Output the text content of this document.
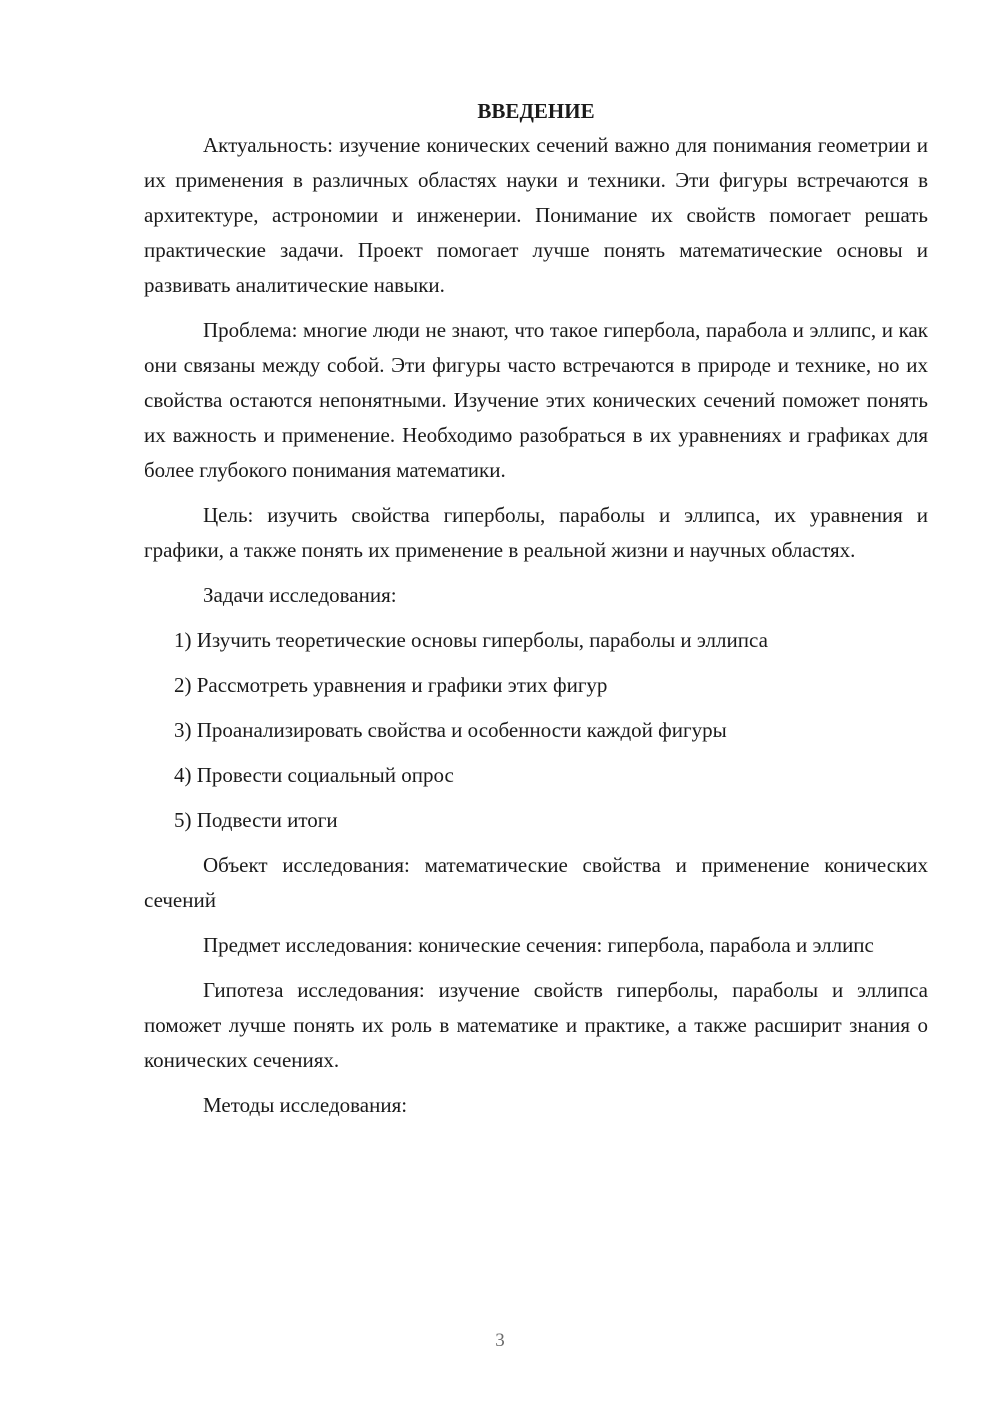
ВВЕДЕНИЕ

Актуальность: изучение конических сечений важно для понимания геометрии и их применения в различных областях науки и техники. Эти фигуры встречаются в архитектуре, астрономии и инженерии. Понимание их свойств помогает решать практические задачи. Проект помогает лучше понять математические основы и развивать аналитические навыки.

Проблема: многие люди не знают, что такое гипербола, парабола и эллипс, и как они связаны между собой. Эти фигуры часто встречаются в природе и технике, но их свойства остаются непонятными. Изучение этих конических сечений поможет понять их важность и применение. Необходимо разобраться в их уравнениях и графиках для более глубокого понимания математики.

Цель: изучить свойства гиперболы, параболы и эллипса, их уравнения и графики, а также понять их применение в реальной жизни и научных областях.

Задачи исследования:

1) Изучить теоретические основы гиперболы, параболы и эллипса
2) Рассмотреть уравнения и графики этих фигур
3) Проанализировать свойства и особенности каждой фигуры
4) Провести социальный опрос
5) Подвести итоги

Объект исследования: математические свойства и применение конических сечений

Предмет исследования: конические сечения: гипербола, парабола и эллипс

Гипотеза исследования: изучение свойств гиперболы, параболы и эллипса поможет лучше понять их роль в математике и практике, а также расширит знания о конических сечениях.

Методы исследования:

3
